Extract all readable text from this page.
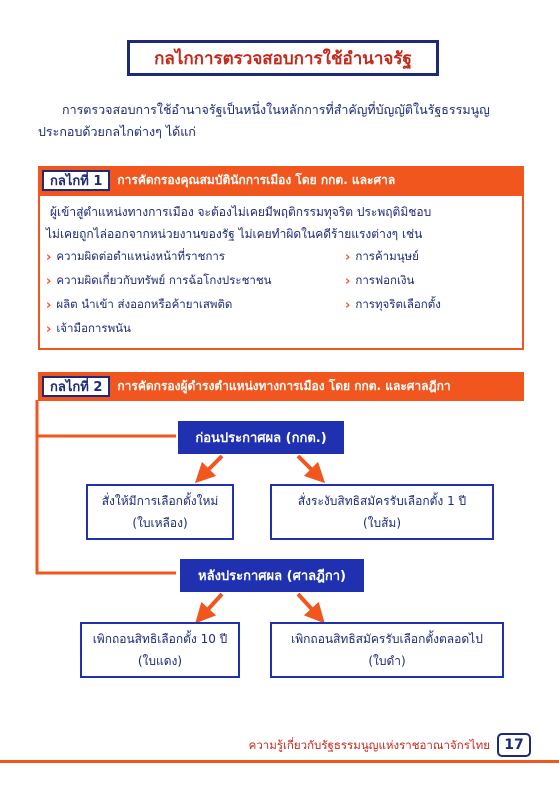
กลไกการตรวจสอบการใช้อำนาจรัฐ
การตรวจสอบการใช้อำนาจรัฐเป็นหนึ่งในหลักการที่สำคัญที่บัญญัติในรัฐธรรมนูญ
ประกอบด้วยกลไกต่างๆ ได้แก่
กลไกที่ 1	การคัดกรองคุณสมบัตินักการเมือง โดย กกต. และศาล
ผู้เข้าสู่ตำแหน่งทางการเมือง จะต้องไม่เคยมีพฤติกรรมทุจริต ประพฤติมิชอบ
ไม่เคยถูกไล่ออกจากหน่วยงานของรัฐ ไม่เคยทำผิดในคดีร้ายแรงต่างๆ เช่น
› ความผิดต่อตำแหน่งหน้าที่ราชการ
› ความผิดเกี่ยวกับทรัพย์ การฉ้อโกงประชาชน
› ผลิต นำเข้า ส่งออกหรือค้ายาเสพติด
› เจ้ามือการพนัน
› การค้ามนุษย์
› การฟอกเงิน
› การทุจริตเลือกตั้ง
กลไกที่ 2	การคัดกรองผู้ดำรงตำแหน่งทางการเมือง โดย กกต. และศาลฎีกา
ก่อนประกาศผล (กกต.)
สั่งให้มีการเลือกตั้งใหม่
(ใบเหลือง)
สั่งระงับสิทธิสมัครรับเลือกตั้ง 1 ปี
(ใบส้ม)
หลังประกาศผล (ศาลฎีกา)
เพิกถอนสิทธิเลือกตั้ง 10 ปี
(ใบแดง)
เพิกถอนสิทธิสมัครรับเลือกตั้งตลอดไป
(ใบดำ)
ความรู้เกี่ยวกับรัฐธรรมนูญแห่งราชอาณาจักรไทย	17
